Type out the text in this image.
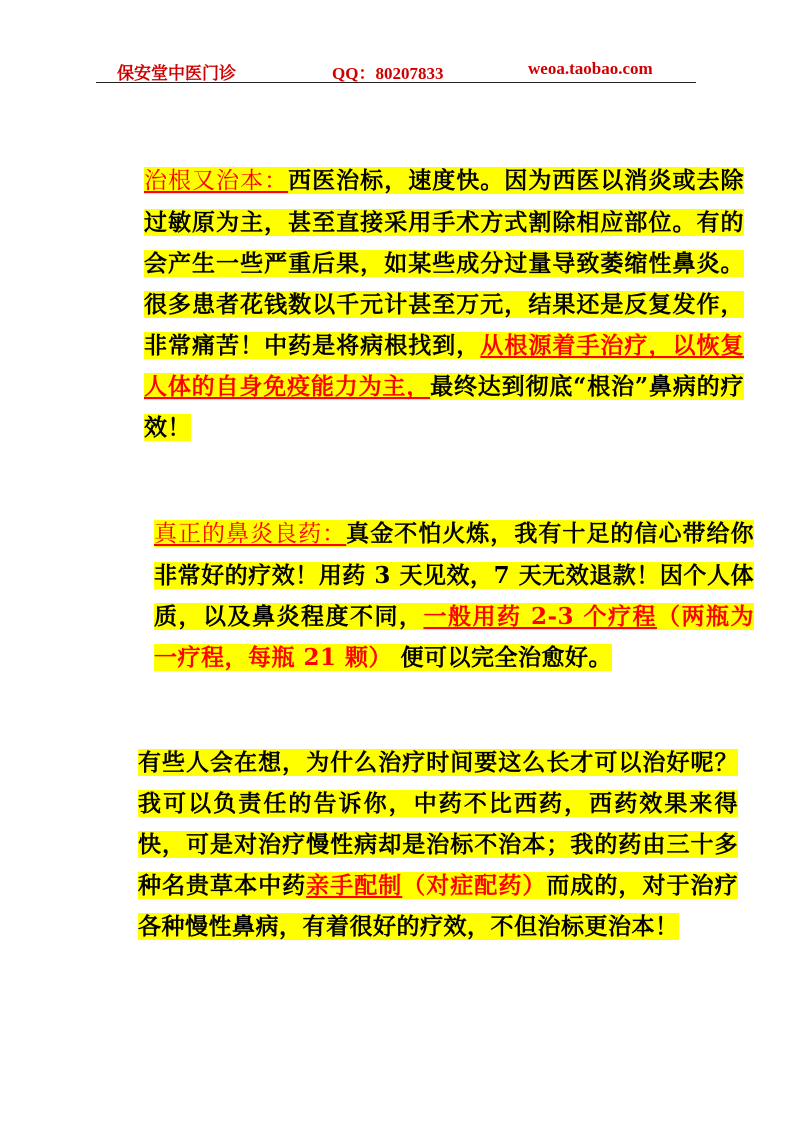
保安堂中医门诊	QQ：80207833	weoa.taobao.com

治根又治本：西医治标，速度快。因为西医以消炎或去除过敏原为主，甚至直接采用手术方式割除相应部位。有的会产生一些严重后果，如某些成分过量导致萎缩性鼻炎。很多患者花钱数以千元计甚至万元，结果还是反复发作，非常痛苦！中药是将病根找到，从根源着手治疗，以恢复人体的自身免疫能力为主，最终达到彻底“根治”鼻病的疗效！

真正的鼻炎良药：真金不怕火炼，我有十足的信心带给你非常好的疗效！用药 3 天见效，7 天无效退款！因个人体质，以及鼻炎程度不同，一般用药 2-3 个疗程（两瓶为一疗程，每瓶 21 颗） 便可以完全治愈好。

有些人会在想，为什么治疗时间要这么长才可以治好呢？我可以负责任的告诉你，中药不比西药，西药效果来得快，可是对治疗慢性病却是治标不治本；我的药由三十多种名贵草本中药亲手配制（对症配药）而成的，对于治疗各种慢性鼻病，有着很好的疗效，不但治标更治本！
